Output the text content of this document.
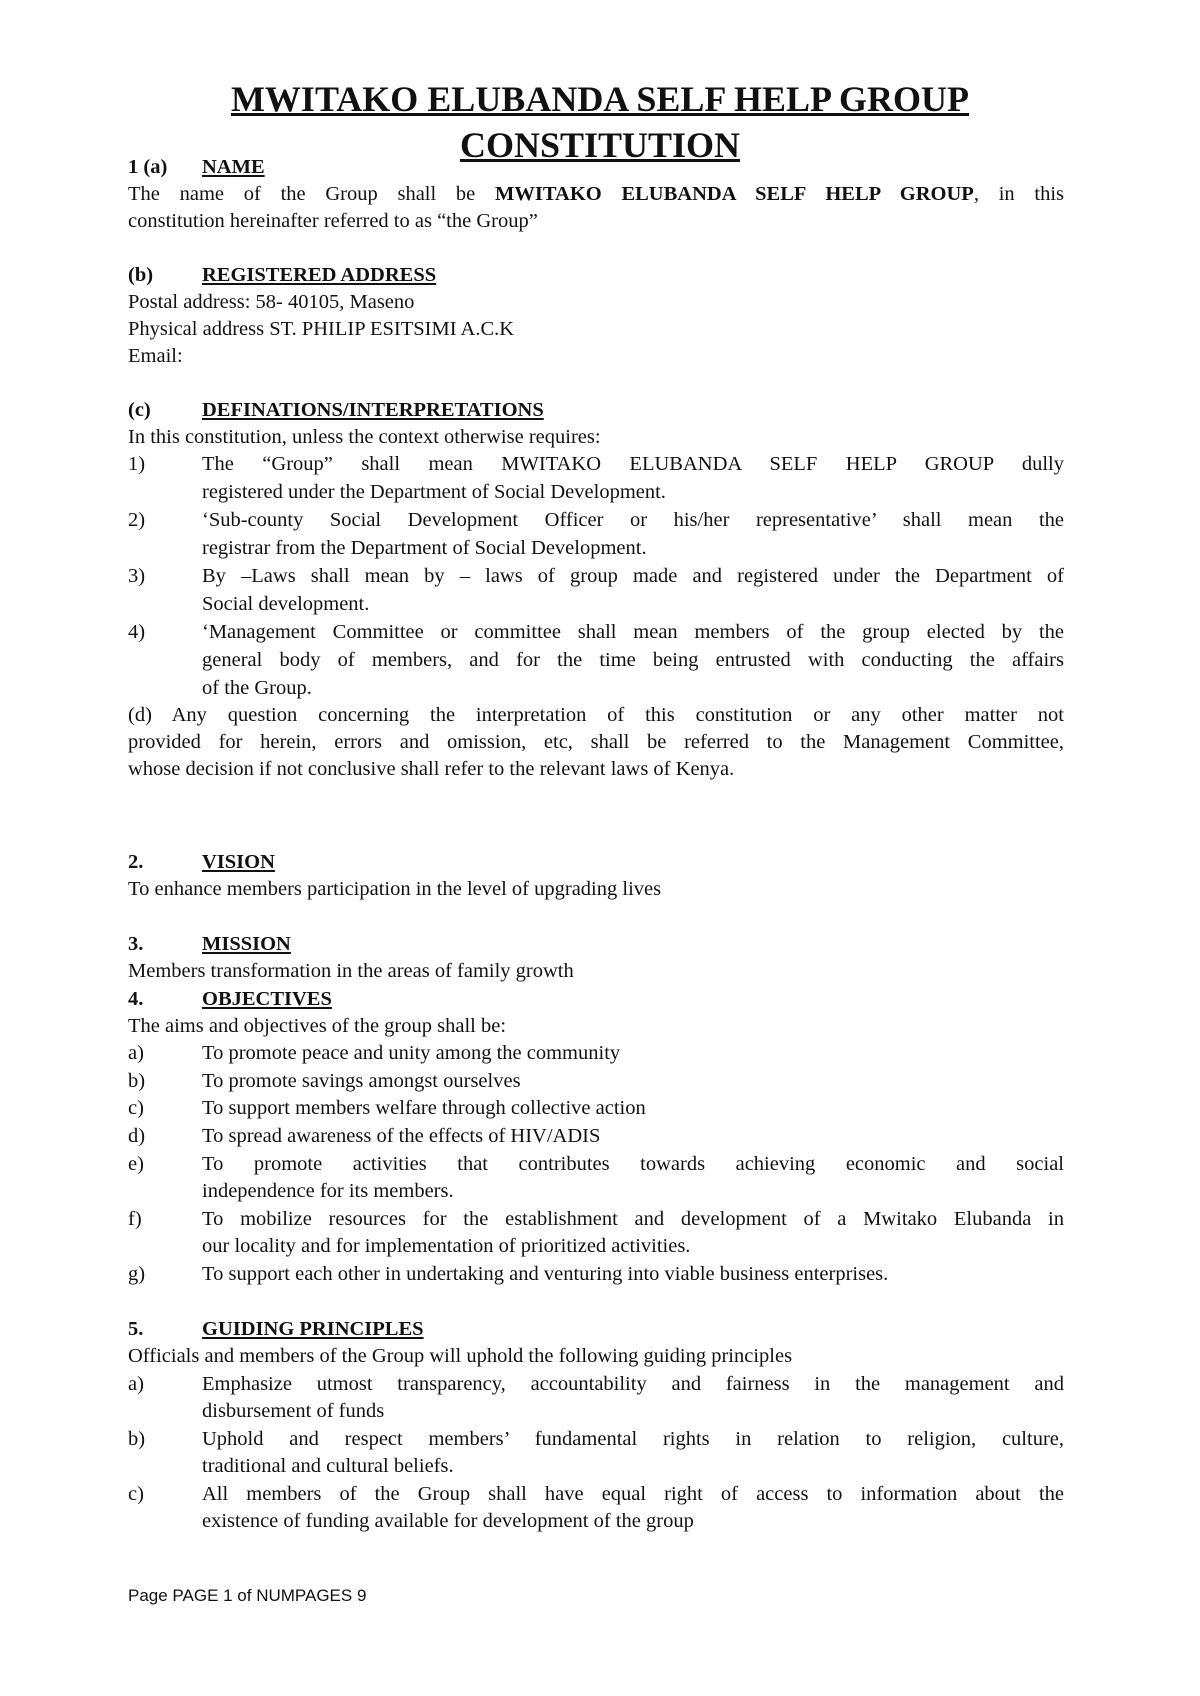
MWITAKO ELUBANDA SELF HELP GROUP
CONSTITUTION
1 (a) NAME
The name of the Group shall be MWITAKO ELUBANDA SELF HELP GROUP, in this
constitution hereinafter referred to as “the Group”
(b) REGISTERED ADDRESS
Postal address: 58- 40105, Maseno
Physical address ST. PHILIP ESITSIMI A.C.K
Email:
(c) DEFINATIONS/INTERPRETATIONS
In this constitution, unless the context otherwise requires:
1)	The “Group” shall mean MWITAKO ELUBANDA SELF HELP GROUP dully
registered under the Department of Social Development.
2)	‘Sub-county Social Development Officer or his/her representative’ shall mean the
registrar from the Department of Social Development.
3)	By –Laws shall mean by – laws of group made and registered under the Department of
Social development.
4)	‘Management Committee or committee shall mean members of the group elected by the
general body of members, and for the time being entrusted with conducting the affairs
of the Group.
(d) Any question concerning the interpretation of this constitution or any other matter not
provided for herein, errors and omission, etc, shall be referred to the Management Committee,
whose decision if not conclusive shall refer to the relevant laws of Kenya.
2.	VISION
To enhance members participation in the level of upgrading lives
3.	MISSION
Members transformation in the areas of family growth
4.	OBJECTIVES
The aims and objectives of the group shall be:
a)	To promote peace and unity among the community
b)	To promote savings amongst ourselves
c)	To support members welfare through collective action
d)	To spread awareness of the effects of HIV/ADIS
e)	To promote activities that contributes towards achieving economic and social
independence for its members.
f)	To mobilize resources for the establishment and development of a Mwitako Elubanda in
our locality and for implementation of prioritized activities.
g)	To support each other in undertaking and venturing into viable business enterprises.
5.	GUIDING PRINCIPLES
Officials and members of the Group will uphold the following guiding principles
a)	Emphasize utmost transparency, accountability and fairness in the management and
disbursement of funds
b)	Uphold and respect members’ fundamental rights in relation to religion, culture,
traditional and cultural beliefs.
c)	All members of the Group shall have equal right of access to information about the
existence of funding available for development of the group
Page PAGE 1 of NUMPAGES 9
